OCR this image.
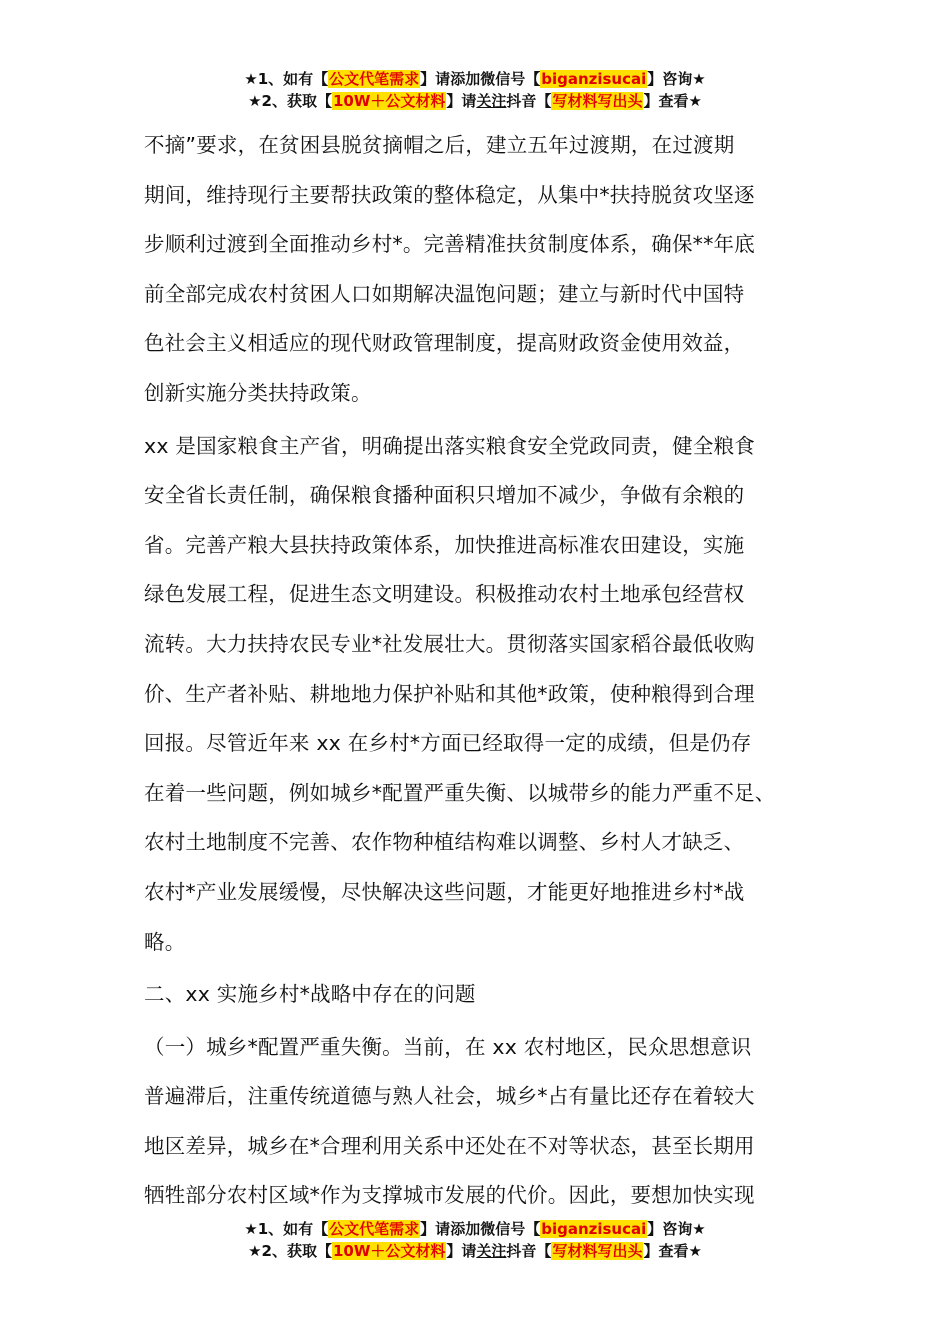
★1、如有【公文代笔需求】请添加微信号【biganzisucai】咨询★
★2、获取【10W＋公文材料】请关注抖音【写材料写出头】查看★

不摘”要求，在贫困县脱贫摘帽之后，建立五年过渡期，在过渡期
期间，维持现行主要帮扶政策的整体稳定，从集中*扶持脱贫攻坚逐
步顺利过渡到全面推动乡村*。完善精准扶贫制度体系，确保**年底
前全部完成农村贫困人口如期解决温饱问题；建立与新时代中国特
色社会主义相适应的现代财政管理制度，提高财政资金使用效益，
创新实施分类扶持政策。

xx 是国家粮食主产省，明确提出落实粮食安全党政同责，健全粮食
安全省长责任制，确保粮食播种面积只增加不减少，争做有余粮的
省。完善产粮大县扶持政策体系，加快推进高标准农田建设，实施
绿色发展工程，促进生态文明建设。积极推动农村土地承包经营权
流转。大力扶持农民专业*社发展壮大。贯彻落实国家稻谷最低收购
价、生产者补贴、耕地地力保护补贴和其他*政策，使种粮得到合理
回报。尽管近年来 xx 在乡村*方面已经取得一定的成绩，但是仍存
在着一些问题，例如城乡*配置严重失衡、以城带乡的能力严重不足、
农村土地制度不完善、农作物种植结构难以调整、乡村人才缺乏、
农村*产业发展缓慢，尽快解决这些问题，才能更好地推进乡村*战
略。

二、xx 实施乡村*战略中存在的问题

（一）城乡*配置严重失衡。当前，在 xx 农村地区，民众思想意识
普遍滞后，注重传统道德与熟人社会，城乡*占有量比还存在着较大
地区差异，城乡在*合理利用关系中还处在不对等状态，甚至长期用
牺牲部分农村区域*作为支撑城市发展的代价。因此，要想加快实现

★1、如有【公文代笔需求】请添加微信号【biganzisucai】咨询★
★2、获取【10W＋公文材料】请关注抖音【写材料写出头】查看★
